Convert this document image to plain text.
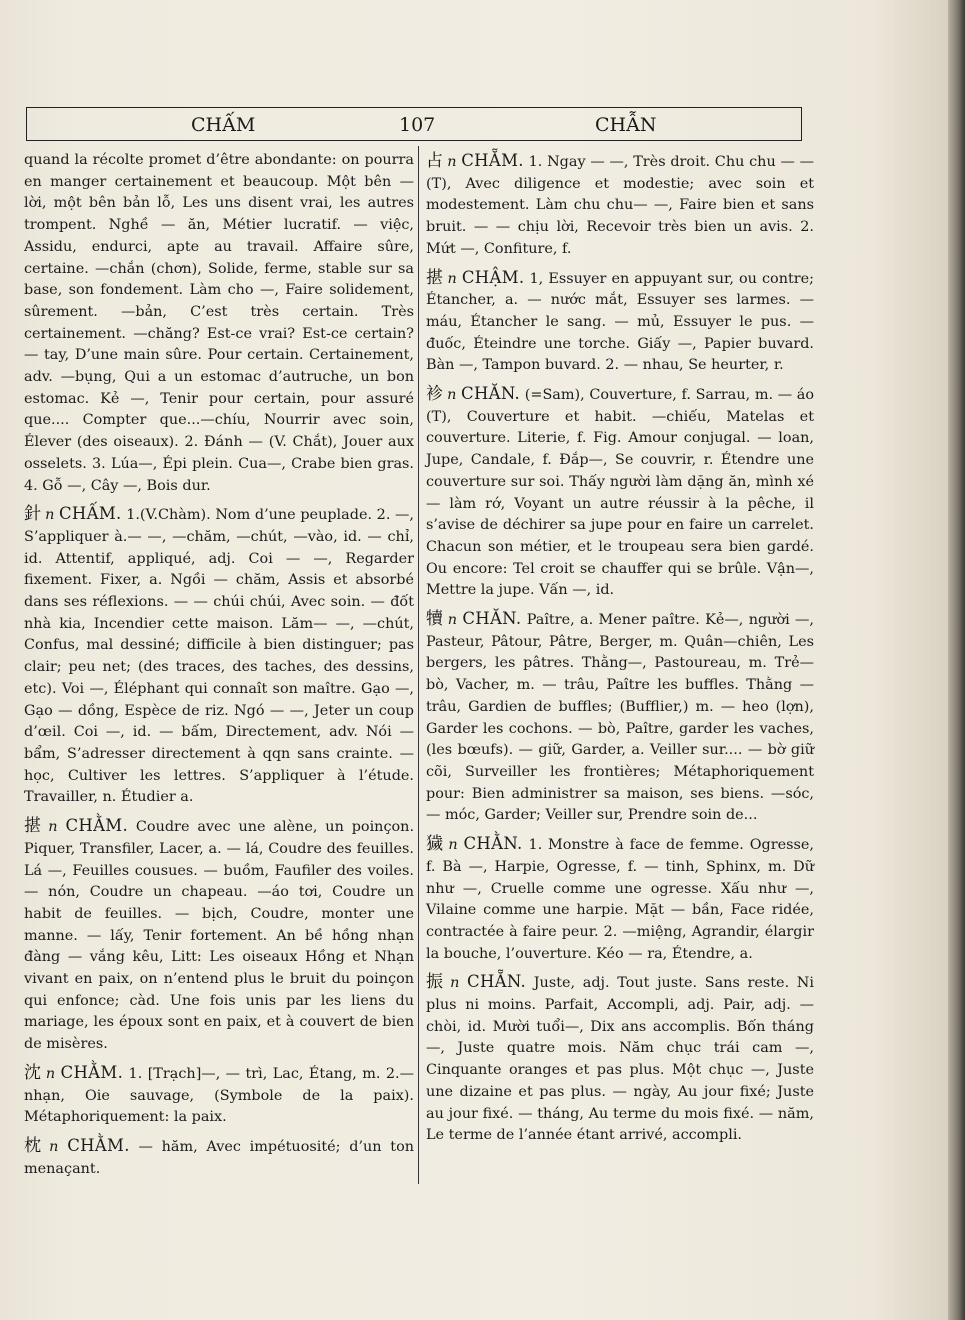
CHẤM	107	CHẪN

quand la récolte promet d’être abondante: on pourra en manger certainement et beaucoup. Một bên — lời, một bên bản lỗ, Les uns disent vrai, les autres trompent. Nghề — ăn, Métier lucratif. — việc, Assidu, endurci, apte au travail. Affaire sûre, certaine. —chắn (chơn), Solide, ferme, stable sur sa base, son fondement. Làm cho —, Faire solidement, sûrement. —bản, C’est très certain. Très certainement. —chăng? Est-ce vrai? Est-ce certain? — tay, D’une main sûre. Pour certain. Certainement, adv. —bụng, Qui a un estomac d’autruche, un bon estomac. Kẻ —, Tenir pour certain, pour assuré que.... Compter que...—chíu, Nourrir avec soin, Élever (des oiseaux). 2. Đánh — (V. Chắt), Jouer aux osselets. 3. Lúa—, Épi plein. Cua—, Crabe bien gras. 4. Gỗ —, Cây —, Bois dur.

針 n CHẤM. 1.(V.Chàm). Nom d’une peuplade. 2. —, S’appliquer à.— —, —chăm, —chút, —vào, id. — chỉ, id. Attentif, appliqué, adj. Coi — —, Regarder fixement. Fixer, a. Ngồi — chăm, Assis et absorbé dans ses réflexions. — — chúi chúi, Avec soin. — đốt nhà kia, Incendier cette maison. Lăm— —, —chút, Confus, mal dessiné; difficile à bien distinguer; pas clair; peu net; (des traces, des taches, des dessins, etc). Voi —, Éléphant qui connaît son maître. Gạo —, Gạo — dồng, Espèce de riz. Ngó — —, Jeter un coup d’œil. Coi —, id. — bấm, Directement, adv. Nói — bẩm, S’adresser directement à qqn sans crainte. — học, Cultiver les lettres. S’appliquer à l’étude. Travailler, n. Étudier a.

揕 n CHẰM. Coudre avec une alène, un poinçon. Piquer, Transfiler, Lacer, a. — lá, Coudre des feuilles. Lá —, Feuilles cousues. — buồm, Faufiler des voiles. — nón, Coudre un chapeau. —áo tơi, Coudre un habit de feuilles. — bịch, Coudre, monter une manne. — lấy, Tenir fortement. An bề hồng nhạn đàng — vắng kêu, Litt: Les oiseaux Hồng et Nhạn vivant en paix, on n’entend plus le bruit du poinçon qui enfonce; càd. Une fois unis par les liens du mariage, les époux sont en paix, et à couvert de bien de misères.

沈 n CHẰM. 1. [Trạch]—, — trì, Lac, Étang, m. 2.—nhạn, Oie sauvage, (Symbole de la paix). Métaphoriquement: la paix.

枕 n CHẰM. — hăm, Avec impétuosité; d’un ton menaçant.

占 n CHẴM. 1. Ngay — —, Très droit. Chu chu — — (T), Avec diligence et modestie; avec soin et modestement. Làm chu chu— —, Faire bien et sans bruit. — — chịu lời, Recevoir très bien un avis. 2. Mứt —, Confiture, f.

揕 n CHẬM. 1, Essuyer en appuyant sur, ou contre; Étancher, a. — nước mắt, Essuyer ses larmes. — máu, Étancher le sang. — mủ, Essuyer le pus. — đuốc, Éteindre une torche. Giấy —, Papier buvard. Bàn —, Tampon buvard. 2. — nhau, Se heurter, r.

袗 n CHĂN. (=Sam), Couverture, f. Sarrau, m. — áo (T), Couverture et habit. —chiếu, Matelas et couverture. Literie, f. Fig. Amour conjugal. — loan, Jupe, Candale, f. Đắp—, Se couvrir, r. Étendre une couverture sur soi. Thấy người làm dặng ăn, mình xé — làm rớ, Voyant un autre réussir à la pêche, il s’avise de déchirer sa jupe pour en faire un carrelet. Chacun son métier, et le troupeau sera bien gardé. Ou encore: Tel croit se chauffer qui se brûle. Vận—, Mettre la jupe. Vấn —, id.

犢 n CHĂN. Paître, a. Mener paître. Kẻ—, người —, Pasteur, Pâtour, Pâtre, Berger, m. Quân—chiên, Les bergers, les pâtres. Thằng—, Pastoureau, m. Trẻ— bò, Vacher, m. — trâu, Paître les buffles. Thằng — trâu, Gardien de buffles; (Bufflier,) m. — heo (lợn), Garder les cochons. — bò, Paître, garder les vaches, (les bœufs). — giữ, Garder, a. Veiller sur.... — bờ giữ cõi, Surveiller les frontières; Métaphoriquement pour: Bien administrer sa maison, ses biens. —sóc, — móc, Garder; Veiller sur, Prendre soin de...

獩 n CHẰN. 1. Monstre à face de femme. Ogresse, f. Bà —, Harpie, Ogresse, f. — tinh, Sphinx, m. Dữ như —, Cruelle comme une ogresse. Xấu như —, Vilaine comme une harpie. Mặt — bần, Face ridée, contractée à faire peur. 2. —miệng, Agrandir, élargir la bouche, l’ouverture. Kéo — ra, Étendre, a.

振 n CHẴN. Juste, adj. Tout juste. Sans reste. Ni plus ni moins. Parfait, Accompli, adj. Pair, adj. —chòi, id. Mười tuổi—, Dix ans accomplis. Bốn tháng —, Juste quatre mois. Năm chục trái cam —, Cinquante oranges et pas plus. Một chục —, Juste une dizaine et pas plus. — ngày, Au jour fixé; Juste au jour fixé. — tháng, Au terme du mois fixé. — năm, Le terme de l’année étant arrivé, accompli.
